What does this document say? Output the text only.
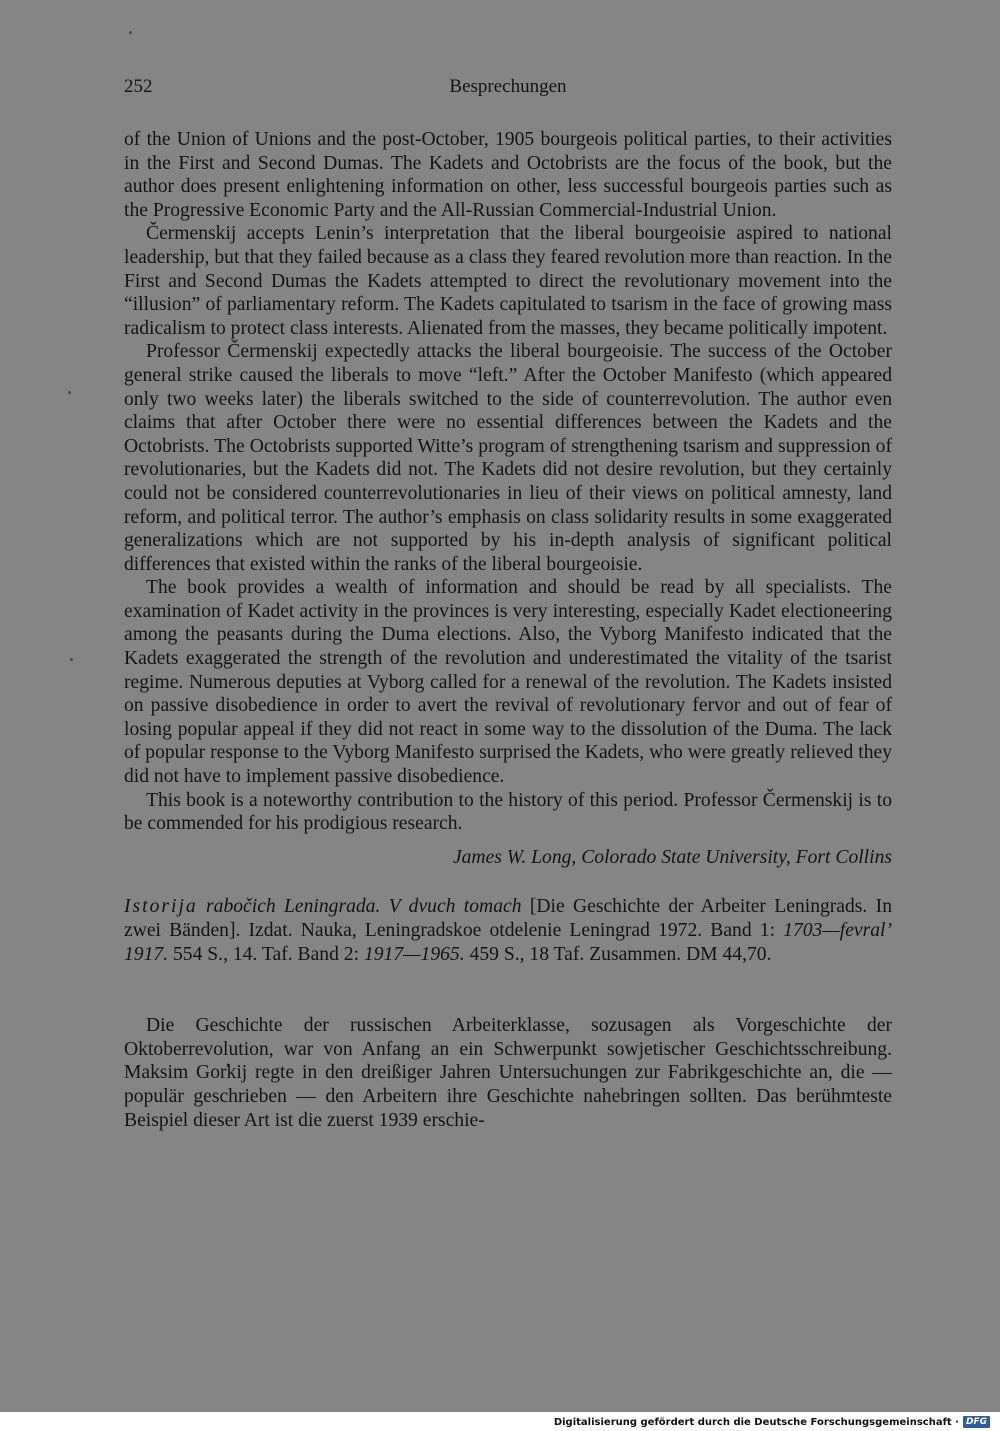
252	Besprechungen

of the Union of Unions and the post-October, 1905 bourgeois political parties, to their activities in the First and Second Dumas. The Kadets and Octobrists are the focus of the book, but the author does present enlightening information on other, less successful bourgeois parties such as the Progressive Economic Party and the All-Russian Commercial-Industrial Union.

Čermenskij accepts Lenin’s interpretation that the liberal bourgeoisie aspired to national leadership, but that they failed because as a class they feared revolution more than reaction. In the First and Second Dumas the Kadets attempted to direct the revolutionary movement into the “illusion” of parliamentary reform. The Kadets capitulated to tsarism in the face of growing mass radicalism to protect class interests. Alienated from the masses, they became politically impotent.

Professor Čermenskij expectedly attacks the liberal bourgeoisie. The success of the October general strike caused the liberals to move “left.” After the October Manifesto (which appeared only two weeks later) the liberals switched to the side of counterrevolution. The author even claims that after October there were no essential differences between the Kadets and the Octobrists. The Octobrists supported Witte’s program of strengthening tsarism and suppression of revolutionaries, but the Kadets did not. The Kadets did not desire revolution, but they certainly could not be considered counterrevolutionaries in lieu of their views on political amnesty, land reform, and political terror. The author’s emphasis on class solidarity results in some exaggerated generalizations which are not supported by his in-depth analysis of significant political differences that existed within the ranks of the liberal bourgeoisie.

The book provides a wealth of information and should be read by all specialists. The examination of Kadet activity in the provinces is very interesting, especially Kadet electioneering among the peasants during the Duma elections. Also, the Vyborg Manifesto indicated that the Kadets exaggerated the strength of the revolution and underestimated the vitality of the tsarist regime. Numerous deputies at Vyborg called for a renewal of the revolution. The Kadets insisted on passive disobedience in order to avert the revival of revolutionary fervor and out of fear of losing popular appeal if they did not react in some way to the dissolution of the Duma. The lack of popular response to the Vyborg Manifesto surprised the Kadets, who were greatly relieved they did not have to implement passive disobedience.

This book is a noteworthy contribution to the history of this period. Professor Čermenskij is to be commended for his prodigious research.

James W. Long, Colorado State University, Fort Collins

Istorija rabočich Leningrada. V dvuch tomach [Die Geschichte der Arbeiter Leningrads. In zwei Bänden]. Izdat. Nauka, Leningradskoe otdelenie Leningrad 1972. Band 1: 1703—fevral’ 1917. 554 S., 14. Taf. Band 2: 1917—1965. 459 S., 18 Taf. Zusammen. DM 44,70.

Die Geschichte der russischen Arbeiterklasse, sozusagen als Vorgeschichte der Oktoberrevolution, war von Anfang an ein Schwerpunkt sowjetischer Geschichtsschreibung. Maksim Gor̕kij regte in den dreißiger Jahren Untersuchungen zur Fabrikgeschichte an, die — populär geschrieben — den Arbeitern ihre Geschichte nahebringen sollten. Das berühmteste Beispiel dieser Art ist die zuerst 1939 erschie-

Digitalisierung gefördert durch die Deutsche Forschungsgemeinschaft · DFG
